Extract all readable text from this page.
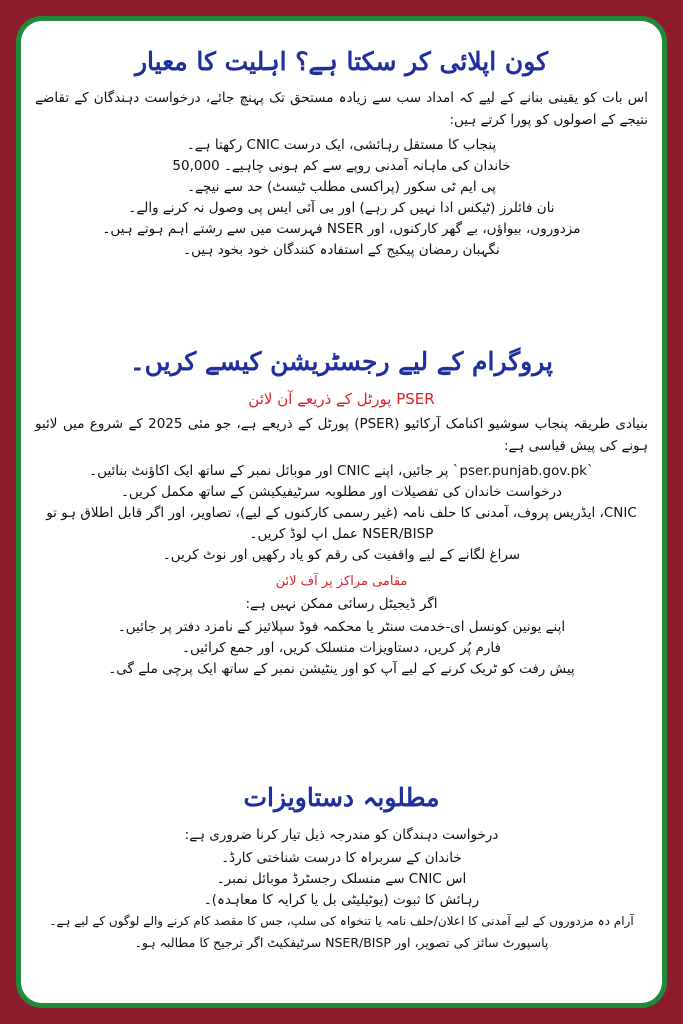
کون اپلائی کر سکتا ہے؟ اہلیت کا معیار

اس بات کو یقینی بنانے کے لیے کہ امداد سب سے زیادہ مستحق تک پہنچ جائے، درخواست دہندگان کے تقاضے نتیجے کے اصولوں کو پورا کرتے ہیں:

پنجاب کا مستقل رہائشی، ایک درست CNIC رکھتا ہے۔
خاندان کی ماہانہ آمدنی روپے سے کم ہونی چاہیے۔ 50,000
پی ایم ٹی سکور (پراکسی مطلب ٹیسٹ) حد سے نیچے۔
نان فائلرز (ٹیکس ادا نہیں کر رہے) اور بی آئی ایس پی وصول نہ کرنے والے۔
مزدوروں، بیواؤں، بے گھر کارکنوں، اور NSER فہرست میں سے رشتے اہم ہوتے ہیں۔
نگہبان رمضان پیکیج کے استفادہ کنندگان خود بخود ہیں۔
پروگرام کے لیے رجسٹریشن کیسے کریں۔

PSER پورٹل کے ذریعے آن لائن

بنیادی طریقہ پنجاب سوشیو اکنامک آرکائیو (PSER) پورٹل کے ذریعے ہے، جو مئی 2025 کے شروع میں لائیو ہونے کی پیش قیاسی ہے:

`pser.punjab.gov.pk` پر جائیں، اپنے CNIC اور موبائل نمبر کے ساتھ ایک اکاؤنٹ بنائیں۔
درخواست خاندان کی تفصیلات اور مطلوبہ سرٹیفیکیشن کے ساتھ مکمل کریں۔
CNIC، ایڈریس پروف، آمدنی کا حلف نامہ (غیر رسمی کارکنوں کے لیے)، تصاویر، اور اگر قابل اطلاق ہو تو
NSER/BISP عمل اپ لوڈ کریں۔
سراغ لگانے کے لیے واقفیت کی رقم کو یاد رکھیں اور نوٹ کریں۔

مقامی مراکز پر آف لائن

اگر ڈیجیٹل رسائی ممکن نہیں ہے:

اپنے یونین کونسل ای-خدمت سنٹر یا محکمہ فوڈ سپلائیز کے نامزد دفتر پر جائیں۔
فارم پُر کریں، دستاویزات منسلک کریں، اور جمع کرائیں۔
پیش رفت کو ٹریک کرنے کے لیے آپ کو اور ینٹیشن نمبر کے ساتھ ایک پرچی ملے گی۔
مطلوبہ دستاویزات

درخواست دہندگان کو مندرجہ ذیل تیار کرنا ضروری ہے:

خاندان کے سربراہ کا درست شناختی کارڈ۔
اس CNIC سے منسلک رجسٹرڈ موبائل نمبر۔
رہائش کا ثبوت (یوٹیلیٹی بل یا کرایہ کا معاہدہ)۔
آرام دہ مزدوروں کے لیے آمدنی کا اعلان/حلف نامہ یا تنخواہ کی سلپ، جس کا مقصد کام کرنے والے لوگوں کے لیے ہے۔
پاسپورٹ سائز کی تصویر، اور NSER/BISP سرٹیفکیٹ اگر ترجیح کا مطالبہ ہو۔
